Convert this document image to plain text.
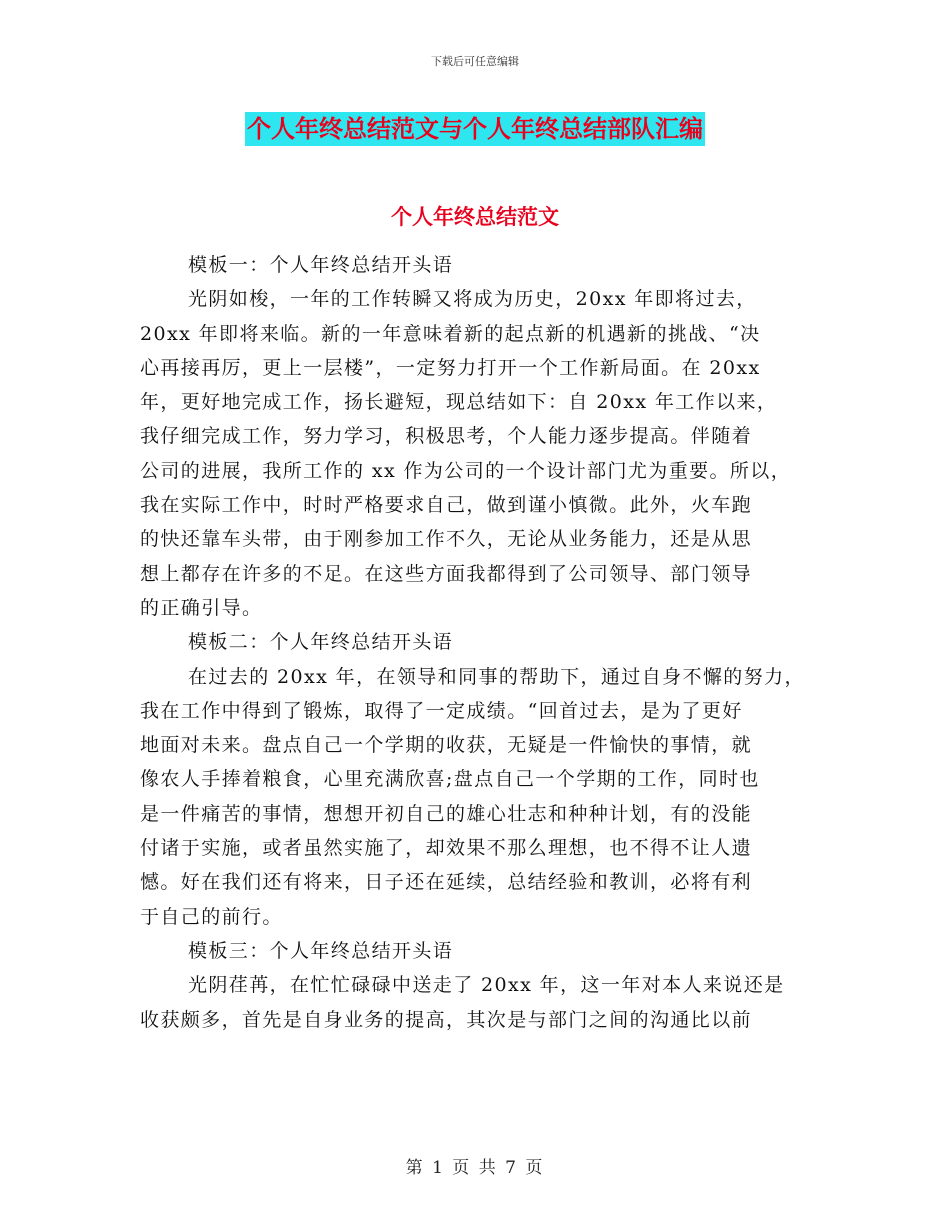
下载后可任意编辑
个人年终总结范文与个人年终总结部队汇编
个人年终总结范文
模板一：个人年终总结开头语
光阴如梭，一年的工作转瞬又将成为历史，20xx 年即将过去，
20xx 年即将来临。新的一年意味着新的起点新的机遇新的挑战、“决
心再接再厉，更上一层楼”，一定努力打开一个工作新局面。在 20xx
年，更好地完成工作，扬长避短，现总结如下：自 20xx 年工作以来，
我仔细完成工作，努力学习，积极思考，个人能力逐步提高。伴随着
公司的进展，我所工作的 xx 作为公司的一个设计部门尤为重要。所以，
我在实际工作中，时时严格要求自己，做到谨小慎微。此外，火车跑
的快还靠车头带，由于刚参加工作不久，无论从业务能力，还是从思
想上都存在许多的不足。在这些方面我都得到了公司领导、部门领导
的正确引导。
模板二：个人年终总结开头语
在过去的 20xx 年，在领导和同事的帮助下，通过自身不懈的努力，
我在工作中得到了锻炼，取得了一定成绩。“回首过去，是为了更好
地面对未来。盘点自己一个学期的收获，无疑是一件愉快的事情，就
像农人手捧着粮食，心里充满欣喜;盘点自己一个学期的工作，同时也
是一件痛苦的事情，想想开初自己的雄心壮志和种种计划，有的没能
付诸于实施，或者虽然实施了，却效果不那么理想，也不得不让人遗
憾。好在我们还有将来，日子还在延续，总结经验和教训，必将有利
于自己的前行。
模板三：个人年终总结开头语
光阴荏苒，在忙忙碌碌中送走了 20xx 年，这一年对本人来说还是
收获颇多，首先是自身业务的提高，其次是与部门之间的沟通比以前
第 1 页 共 7 页
